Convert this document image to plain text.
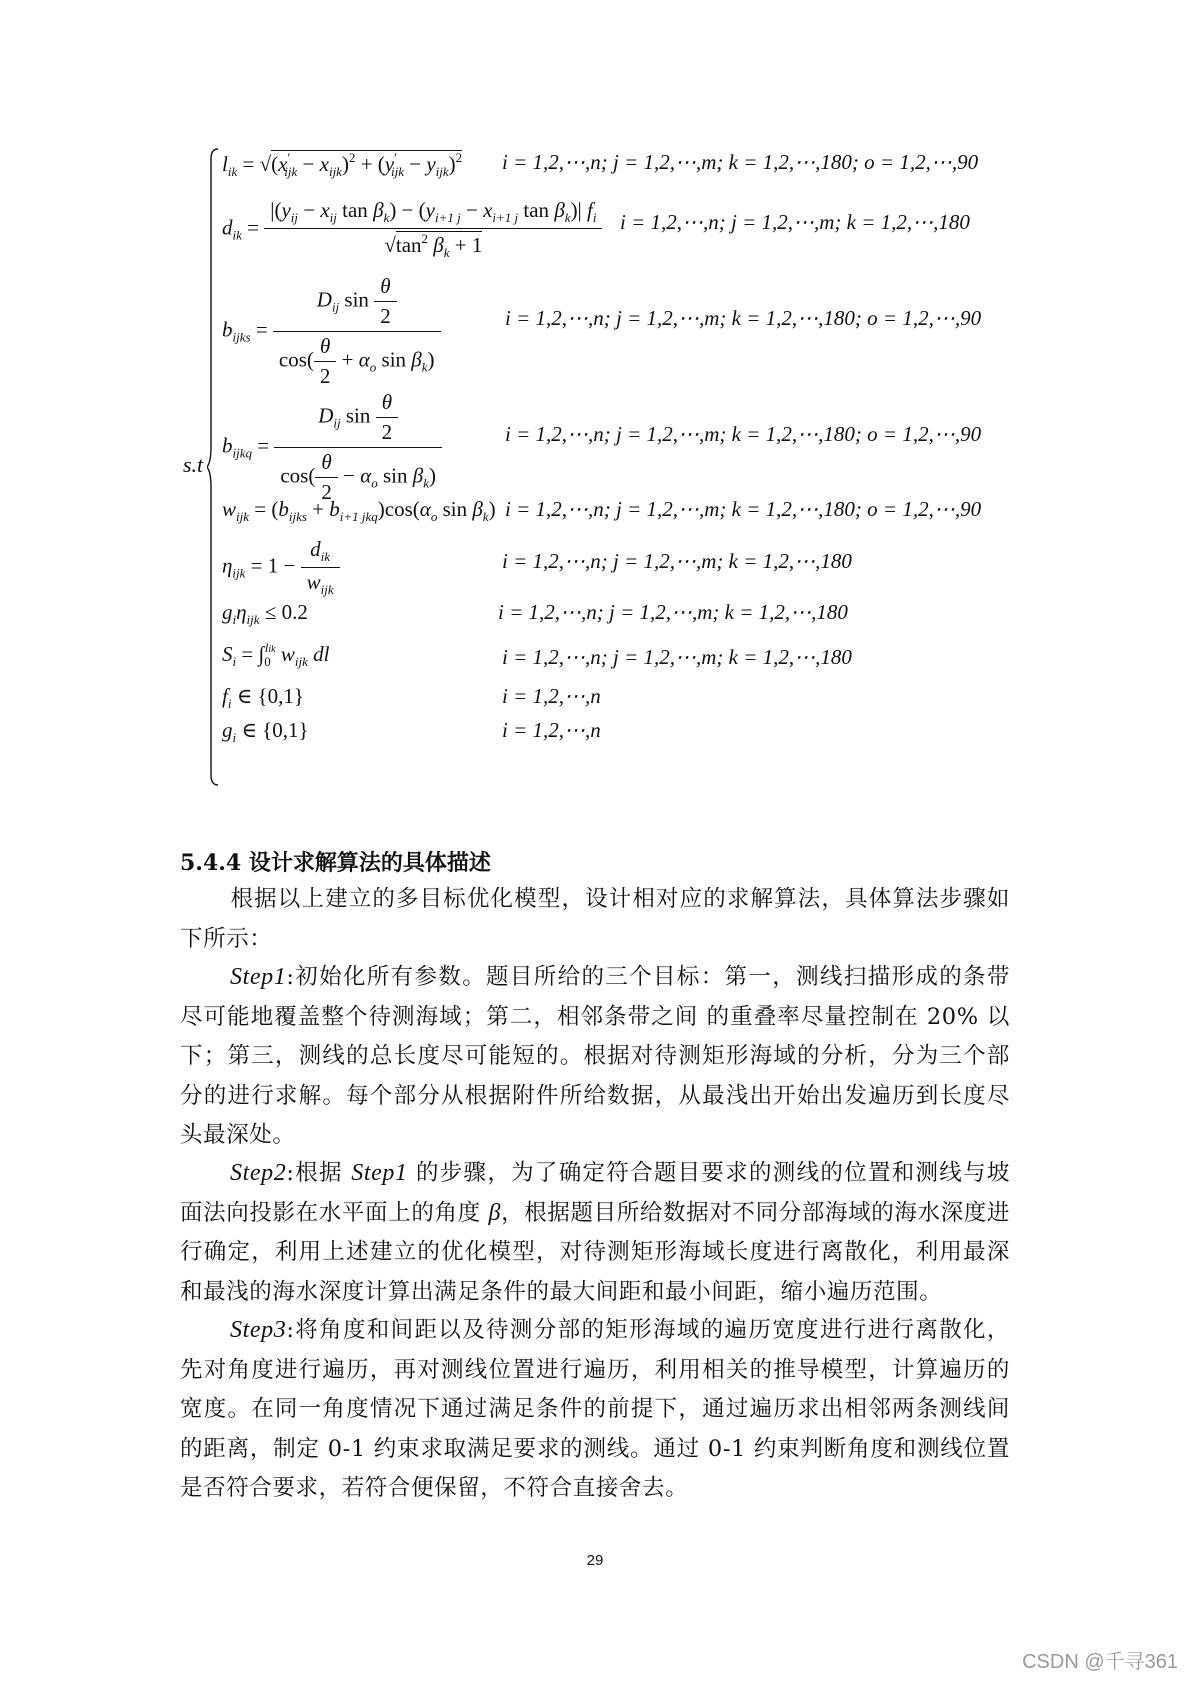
s.t
$l_{ik} = √(x'_{ijk} - x_{ijk})^2 + (y'_{ijk} - y_{ijk})^2$ i = 1,2,⋯,n; j = 1,2,⋯,m; k = 1,2,⋯,180; o = 1,2,⋯,90
$d_{ik} = \frac{|(y_{ij} - x_{ij} \tan \beta_k) - (y_{i+1 j} - x_{i+1 j} \tan \beta_k)| f_i}{√\tan^2 \beta_k + 1}$ i = 1,2,⋯,n; j = 1,2,⋯,m; k = 1,2,⋯,180
$b_{ijks} = \frac{D_{ij} \sin \frac{\theta}{2}}{\cos( \frac{\theta}{2} + \alpha_o \sin \beta_k)}$	i = 1,2,⋯,n; j = 1,2,⋯,m; k = 1,2,⋯,180; o = 1,2,⋯,90
$b_{ijkq} = \frac{D_{ij} \sin \frac{\theta}{2}}{\cos( \frac{\theta}{2} - \alpha_o \sin \beta_k)}$	i = 1,2,⋯,n; j = 1,2,⋯,m; k = 1,2,⋯,180; o = 1,2,⋯,90
$w_{ijk} = (b_{ijks} + b_{i+1 jkq})\cos(\alpha_o$ $\sin \beta_k$) i = 1,2,⋯,n; j = 1,2,⋯,m; k = 1,2,⋯,180; o = 1,2,⋯,90
$\eta_{ijk} = 1 - \frac{d_{ik}}{w_{ijk}}$	i = 1,2,⋯,n; j = 1,2,⋯,m; k = 1,2,⋯,180
$g_i\eta_{ijk} \le 0.2$	i = 1,2,⋯,n; j = 1,2,⋯,m; k = 1,2,⋯,180
$S_i = \int_0^{lik}$ $w_{ijk}$ dl	i = 1,2,⋯,n; j = 1,2,⋯,m; k = 1,2,⋯,180
$f_i$ ∈ {0,1}	i = 1,2,⋯,n
$g_i$ ∈ {0,1}	i = 1,2,⋯,n
5.4.4 设计求解算法的具体描述
根据以上建立的多目标优化模型，设计相对应的求解算法，具体算法步骤如下所示：
Step1:初始化所有参数。题目所给的三个目标：第一，测线扫描形成的条带尽可能地覆盖整个待测海域；第二，相邻条带之间 的重叠率尽量控制在 20% 以下；第三，测线的总长度尽可能短的。根据对待测矩形海域的分析，分为三个部分的进行求解。每个部分从根据附件所给数据，从最浅出开始出发遍历到长度尽头最深处。
Step2:根据 Step1 的步骤，为了确定符合题目要求的测线的位置和测线与坡面法向投影在水平面上的角度 β，根据题目所给数据对不同分部海域的海水深度进行确定，利用上述建立的优化模型，对待测矩形海域长度进行离散化，利用最深和最浅的海水深度计算出满足条件的最大间距和最小间距，缩小遍历范围。
Step3:将角度和间距以及待测分部的矩形海域的遍历宽度进行进行离散化，先对角度进行遍历，再对测线位置进行遍历，利用相关的推导模型，计算遍历的宽度。在同一角度情况下通过满足条件的前提下，通过遍历求出相邻两条测线间的距离，制定 0-1 约束求取满足要求的测线。通过 0-1 约束判断角度和测线位置是否符合要求，若符合便保留，不符合直接舍去。
29
CSDN @千寻361
